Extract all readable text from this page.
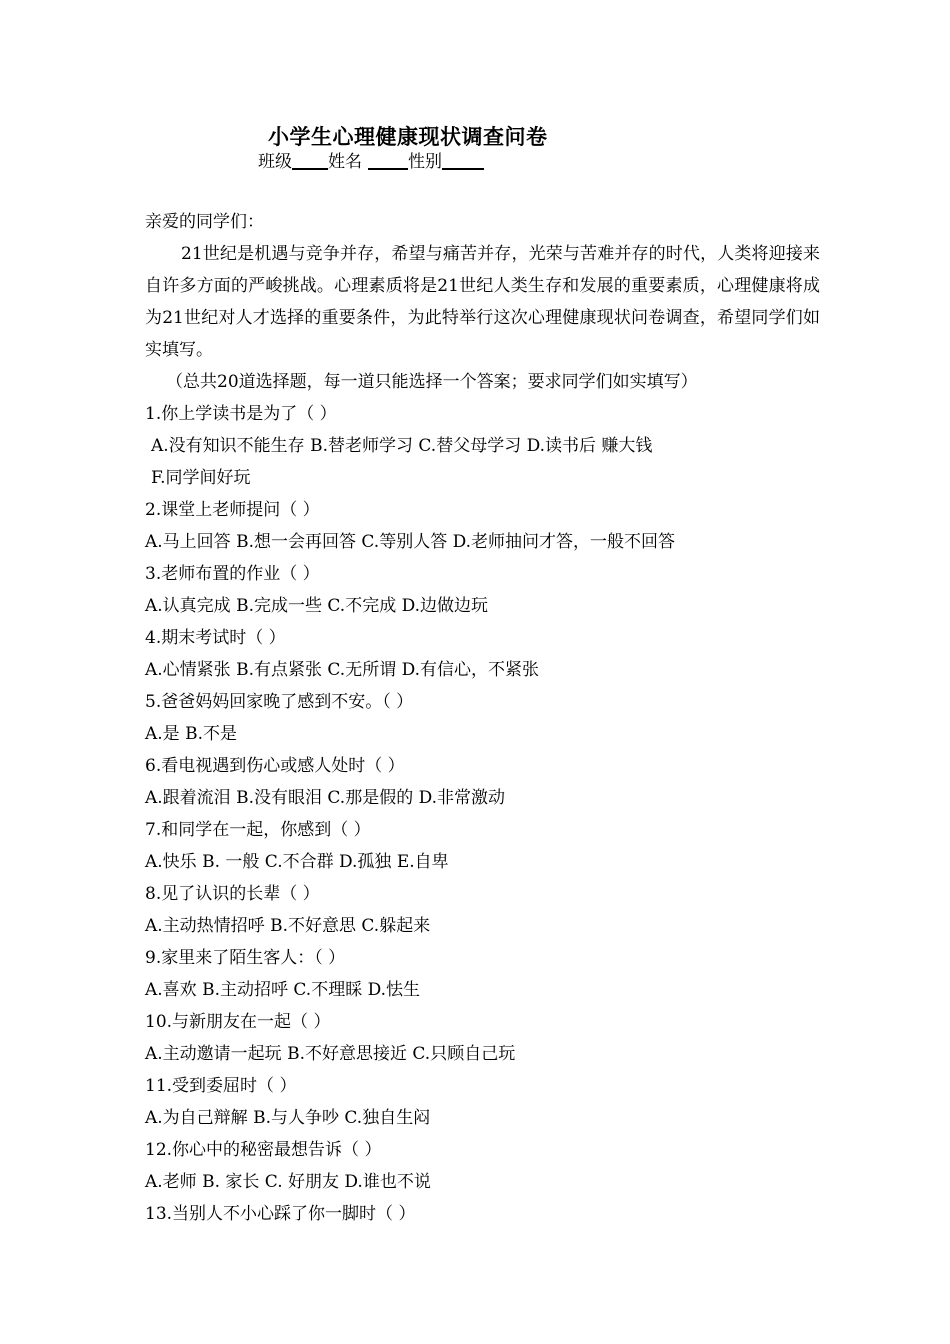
小学生心理健康现状调查问卷
班级 姓名	性别
亲爱的同学们：
21世纪是机遇与竞争并存，希望与痛苦并存，光荣与苦难并存的时代，人类将迎接来自许多方面的严峻挑战。心理素质将是21世纪人类生存和发展的重要素质，心理健康将成为21世纪对人才选择的重要条件，为此特举行这次心理健康现状问卷调查，希望同学们如实填写。
（总共20道选择题，每一道只能选择一个答案；要求同学们如实填写）
1.你上学读书是为了（ ）
A.没有知识不能生存 B.替老师学习 C.替父母学习 D.读书后 赚大钱
F.同学间好玩
2.课堂上老师提问（ ）
A.马上回答 B.想一会再回答 C.等别人答 D.老师抽问才答，一般不回答
3.老师布置的作业（ ）
A.认真完成 B.完成一些 C.不完成 D.边做边玩
4.期末考试时（ ）
A.心情紧张 B.有点紧张 C.无所谓 D.有信心，不紧张
5.爸爸妈妈回家晚了感到不安。（ ）
A.是 B.不是
6.看电视遇到伤心或感人处时（ ）
A.跟着流泪 B.没有眼泪 C.那是假的 D.非常激动
7.和同学在一起，你感到（ ）
A.快乐 B. 一般 C.不合群 D.孤独 E.自卑
8.见了认识的长辈（ ）
A.主动热情招呼 B.不好意思 C.躲起来
9.家里来了陌生客人：（ ）
A.喜欢 B.主动招呼 C.不理睬 D.怯生
10.与新朋友在一起（ ）
A.主动邀请一起玩 B.不好意思接近 C.只顾自己玩
11.受到委屈时（ ）
A.为自己辩解 B.与人争吵 C.独自生闷
12.你心中的秘密最想告诉（ ）
A.老师 B. 家长 C. 好朋友 D.谁也不说
13.当别人不小心踩了你一脚时（ ）
